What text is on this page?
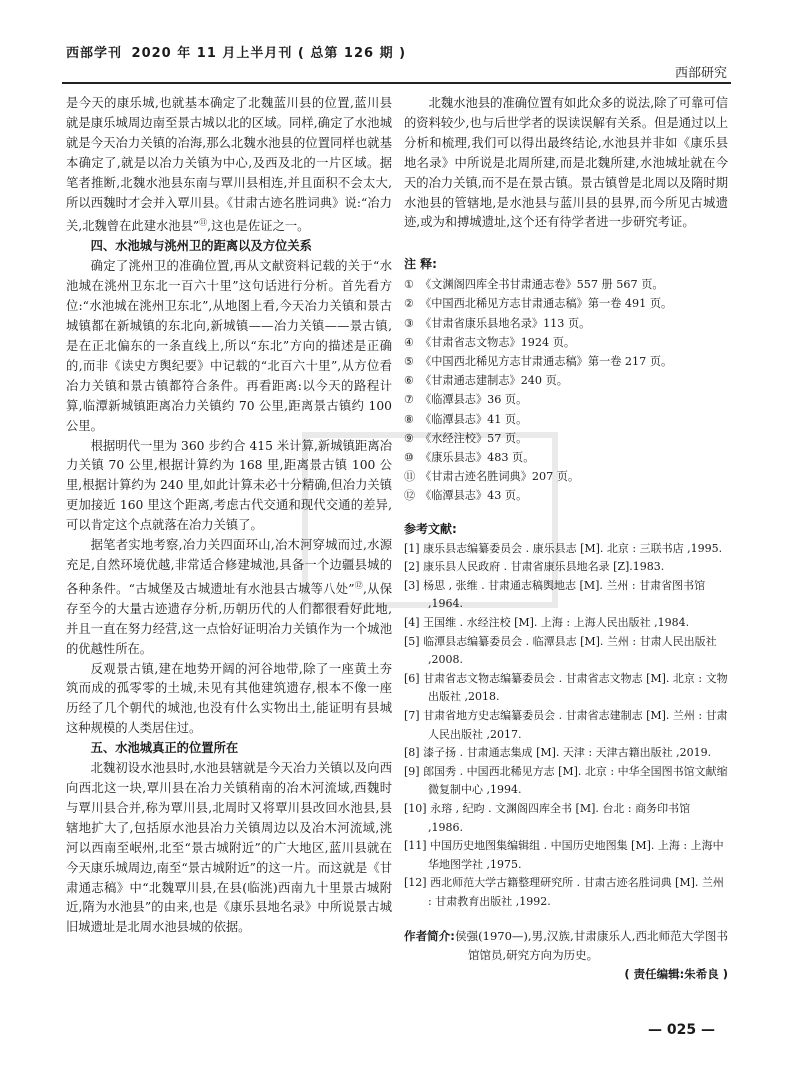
西部学刊 2020 年 11 月上半月刊 ( 总第 126 期 )
西部研究

是今天的康乐城,也就基本确定了北魏蓝川县的位置,蓝川县就是康乐城周边南至景古城以北的区域。同样,确定了水池城就是今天冶力关镇的冶海,那么北魏水池县的位置同样也就基本确定了,就是以冶力关镇为中心,及西及北的一片区域。据笔者推断,北魏水池县东南与覃川县相连,并且面积不会太大,所以西魏时才会并入覃川县。《甘肃古迹名胜词典》说:“冶力关,北魏曾在此建水池县”⑪,这也是佐证之一。

四、水池城与洮州卫的距离以及方位关系

确定了洮州卫的准确位置,再从文献资料记载的关于“水池城在洮州卫东北一百六十里”这句话进行分析。首先看方位:“水池城在洮州卫东北”,从地图上看,今天冶力关镇和景古城镇都在新城镇的东北向,新城镇——冶力关镇——景古镇,是在正北偏东的一条直线上,所以“东北”方向的描述是正确的,而非《读史方舆纪要》中记载的“北百六十里”,从方位看冶力关镇和景古镇都符合条件。再看距离:以今天的路程计算,临潭新城镇距离冶力关镇约 70 公里,距离景古镇约 100 公里。

根据明代一里为 360 步约合 415 米计算,新城镇距离冶力关镇 70 公里,根据计算约为 168 里,距离景古镇 100 公里,根据计算约为 240 里,如此计算未必十分精确,但冶力关镇更加接近 160 里这个距离,考虑古代交通和现代交通的差异,可以肯定这个点就落在冶力关镇了。

据笔者实地考察,冶力关四面环山,冶木河穿城而过,水源充足,自然环境优越,非常适合修建城池,具备一个边疆县城的各种条件。“古城堡及古城遗址有水池县古城等八处”⑫,从保存至今的大量古迹遗存分析,历朝历代的人们都很看好此地,并且一直在努力经营,这一点恰好证明冶力关镇作为一个城池的优越性所在。

反观景古镇,建在地势开阔的河谷地带,除了一座黄土夯筑而成的孤零零的土城,未见有其他建筑遗存,根本不像一座历经了几个朝代的城池,也没有什么实物出土,能证明有县城这种规模的人类居住过。

五、水池城真正的位置所在

北魏初设水池县时,水池县辖就是今天冶力关镇以及向西向西北这一块,覃川县在冶力关镇稍南的冶木河流域,西魏时与覃川县合并,称为覃川县,北周时又将覃川县改回水池县,县辖地扩大了,包括原水池县冶力关镇周边以及冶木河流域,洮河以西南至岷州,北至“景古城附近”的广大地区,蓝川县就在今天康乐城周边,南至“景古城附近”的这一片。而这就是《甘肃通志稿》中“北魏覃川县,在县(临洮)西南九十里景古城附近,隋为水池县”的由来,也是《康乐县地名录》中所说景古城旧城遗址是北周水池县城的依据。

北魏水池县的准确位置有如此众多的说法,除了可靠可信的资料较少,也与后世学者的误读误解有关系。但是通过以上分析和梳理,我们可以得出最终结论,水池县并非如《康乐县地名录》中所说是北周所建,而是北魏所建,水池城址就在今天的冶力关镇,而不是在景古镇。景古镇曾是北周以及隋时期水池县的管辖地,是水池县与蓝川县的县界,而今所见古城遗迹,或为和搏城遗址,这个还有待学者进一步研究考证。

注 释:
① 《文渊阁四库全书甘肃通志卷》557 册 567 页。
② 《中国西北稀见方志甘肃通志稿》第一卷 491 页。
③ 《甘肃省康乐县地名录》113 页。
④ 《甘肃省志文物志》1924 页。
⑤ 《中国西北稀见方志甘肃通志稿》第一卷 217 页。
⑥ 《甘肃通志建制志》240 页。
⑦ 《临潭县志》36 页。
⑧ 《临潭县志》41 页。
⑨ 《水经注校》57 页。
⑩ 《康乐县志》483 页。
⑪ 《甘肃古迹名胜词典》207 页。
⑫ 《临潭县志》43 页。
参考文献:
[1] 康乐县志编纂委员会 . 康乐县志 [M]. 北京 : 三联书店 ,1995.
[2] 康乐县人民政府 . 甘肃省康乐县地名录 [Z].1983.
[3] 杨思 , 张维 . 甘肃通志稿舆地志 [M]. 兰州 : 甘肃省图书馆 ,1964.
[4] 王国维 . 水经注校 [M]. 上海 : 上海人民出版社 ,1984.
[5] 临潭县志编纂委员会 . 临潭县志 [M]. 兰州 : 甘肃人民出版社 ,2008.
[6] 甘肃省志文物志编纂委员会 . 甘肃省志文物志 [M]. 北京 : 文物出版社 ,2018.
[7] 甘肃省地方史志编纂委员会 . 甘肃省志建制志 [M]. 兰州 : 甘肃人民出版社 ,2017.
[8] 漆子扬 . 甘肃通志集成 [M]. 天津 : 天津古籍出版社 ,2019.
[9] 郎国秀 . 中国西北稀见方志 [M]. 北京 : 中华全国图书馆文献缩微复制中心 ,1994.
[10] 永瑢 , 纪昀 . 文渊阁四库全书 [M]. 台北 : 商务印书馆 ,1986.
[11] 中国历史地图集编辑组 . 中国历史地图集 [M]. 上海 : 上海中华地图学社 ,1975.
[12] 西北师范大学古籍整理研究所 . 甘肃古迹名胜词典 [M]. 兰州 : 甘肃教育出版社 ,1992.
作者简介:侯强(1970—),男,汉族,甘肃康乐人,西北师范大学图书馆馆员,研究方向为历史。
( 责任编辑:朱希良 )
— 025 —
